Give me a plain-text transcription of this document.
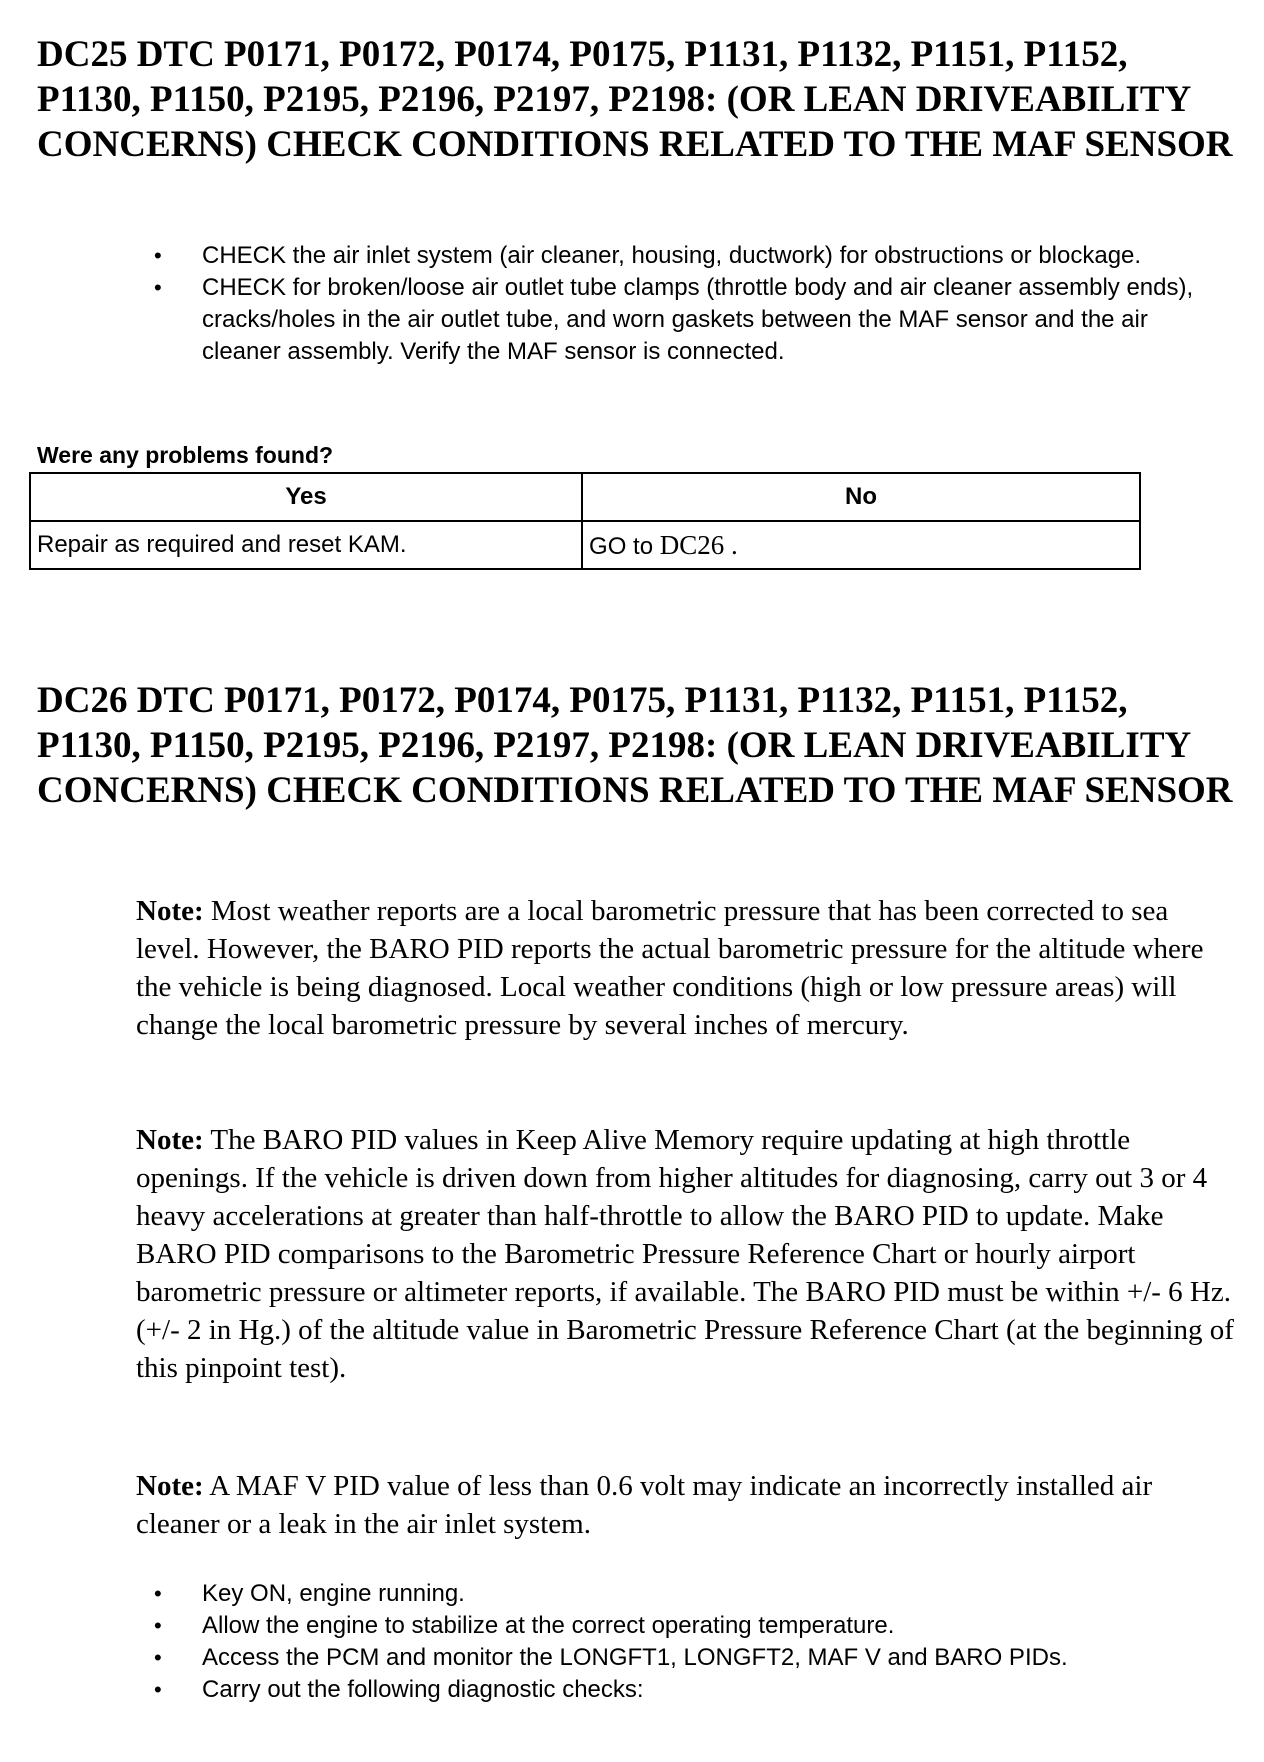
DC25 DTC P0171, P0172, P0174, P0175, P1131, P1132, P1151, P1152, P1130, P1150, P2195, P2196, P2197, P2198: (OR LEAN DRIVEABILITY CONCERNS) CHECK CONDITIONS RELATED TO THE MAF SENSOR
• CHECK the air inlet system (air cleaner, housing, ductwork) for obstructions or blockage.
• CHECK for broken/loose air outlet tube clamps (throttle body and air cleaner assembly ends), cracks/holes in the air outlet tube, and worn gaskets between the MAF sensor and the air cleaner assembly. Verify the MAF sensor is connected.

Were any problems found?

Yes	No
Repair as required and reset KAM.	GO to DC26 .
DC26 DTC P0171, P0172, P0174, P0175, P1131, P1132, P1151, P1152, P1130, P1150, P2195, P2196, P2197, P2198: (OR LEAN DRIVEABILITY CONCERNS) CHECK CONDITIONS RELATED TO THE MAF SENSOR

Note: Most weather reports are a local barometric pressure that has been corrected to sea level. However, the BARO PID reports the actual barometric pressure for the altitude where the vehicle is being diagnosed. Local weather conditions (high or low pressure areas) will change the local barometric pressure by several inches of mercury.

Note: The BARO PID values in Keep Alive Memory require updating at high throttle openings. If the vehicle is driven down from higher altitudes for diagnosing, carry out 3 or 4 heavy accelerations at greater than half-throttle to allow the BARO PID to update. Make BARO PID comparisons to the Barometric Pressure Reference Chart or hourly airport barometric pressure or altimeter reports, if available. The BARO PID must be within +/- 6 Hz. (+/- 2 in Hg.) of the altitude value in Barometric Pressure Reference Chart (at the beginning of this pinpoint test).

Note: A MAF V PID value of less than 0.6 volt may indicate an incorrectly installed air cleaner or a leak in the air inlet system.

• Key ON, engine running.
• Allow the engine to stabilize at the correct operating temperature.
• Access the PCM and monitor the LONGFT1, LONGFT2, MAF V and BARO PIDs.
• Carry out the following diagnostic checks:
